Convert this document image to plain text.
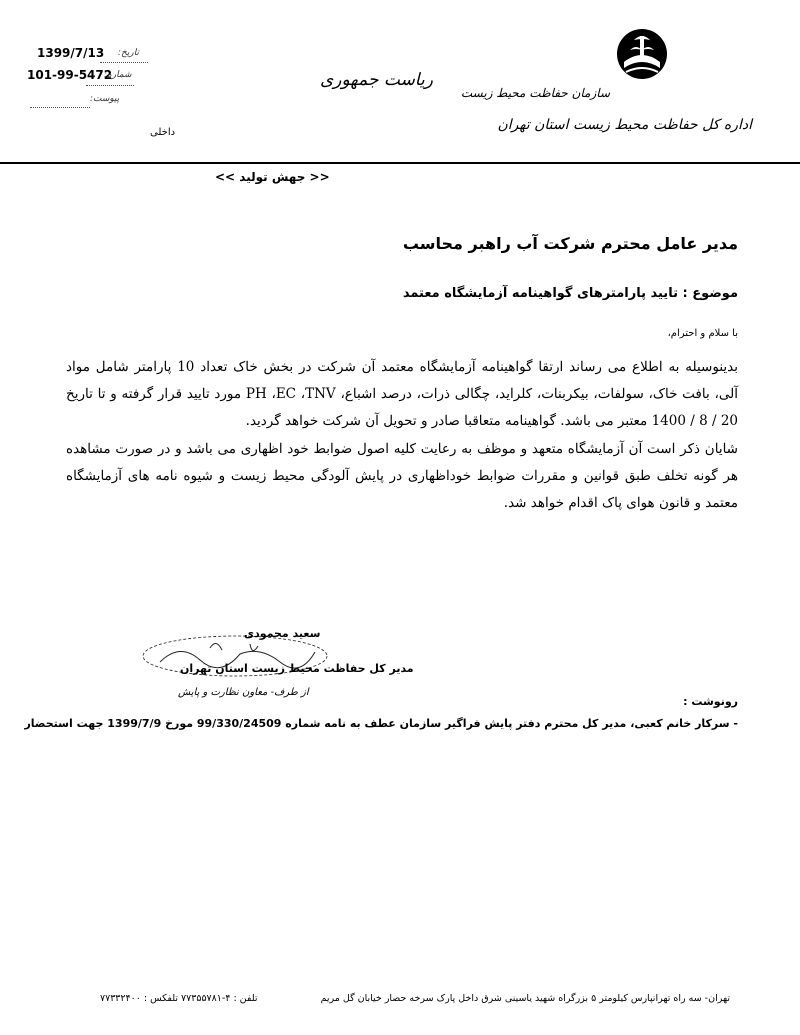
سازمان حفاظت محیط زیست
اداره کل حفاظت محیط زیست استان تهران
ریاست جمهوری
داخلی
1399/7/13 تاریخ:
101-99-5472
شماره:
پیوست:
<< جهش تولید >>
مدیر عامل محترم شرکت آب راهبر محاسب
موضوع : تایید پارامترهای گواهینامه آزمایشگاه معتمد
با سلام و احترام،

بدینوسیله به اطلاع می رساند ارتقا گواهینامه آزمایشگاه معتمد آن شرکت در بخش خاک تعداد 10 پارامتر شامل مواد آلی، بافت خاک، سولفات، بیکربنات، کلراید، چگالی ذرات، درصد اشباع، PH ،EC ،TNV مورد تایید قرار گرفته و تا تاریخ 20 / 8 / 1400 معتبر می باشد. گواهینامه متعاقبا صادر و تحویل آن شرکت خواهد گردید.

شایان ذکر است آن آزمایشگاه متعهد و موظف به رعایت کلیه اصول ضوابط خود اظهاری می باشد و در صورت مشاهده هر گونه تخلف طبق قوانین و مقررات ضوابط خوداظهاری در پایش آلودگی محیط زیست و شیوه نامه های آزمایشگاه معتمد و قانون هوای پاک اقدام خواهد شد.

سعید محمودی
مدیر کل حفاظت محیط زیست استان تهران
از طرف- معاون نظارت و پایش
رونوشت :
- سرکار خانم کعبی، مدیر کل محترم دفتر پایش فراگیر سازمان عطف به نامه شماره 99/330/24509 مورخ 1399/7/9 جهت استحضار
تهران- سه راه تهرانپارس کیلومتر ۵ بزرگراه شهید یاسینی شرق داخل پارک سرخه حصار خیابان گل مریم
تلفن : ۴-۷۷۳۵۵۷۸۱ تلفکس : ۷۷۳۳۲۴۰۰
